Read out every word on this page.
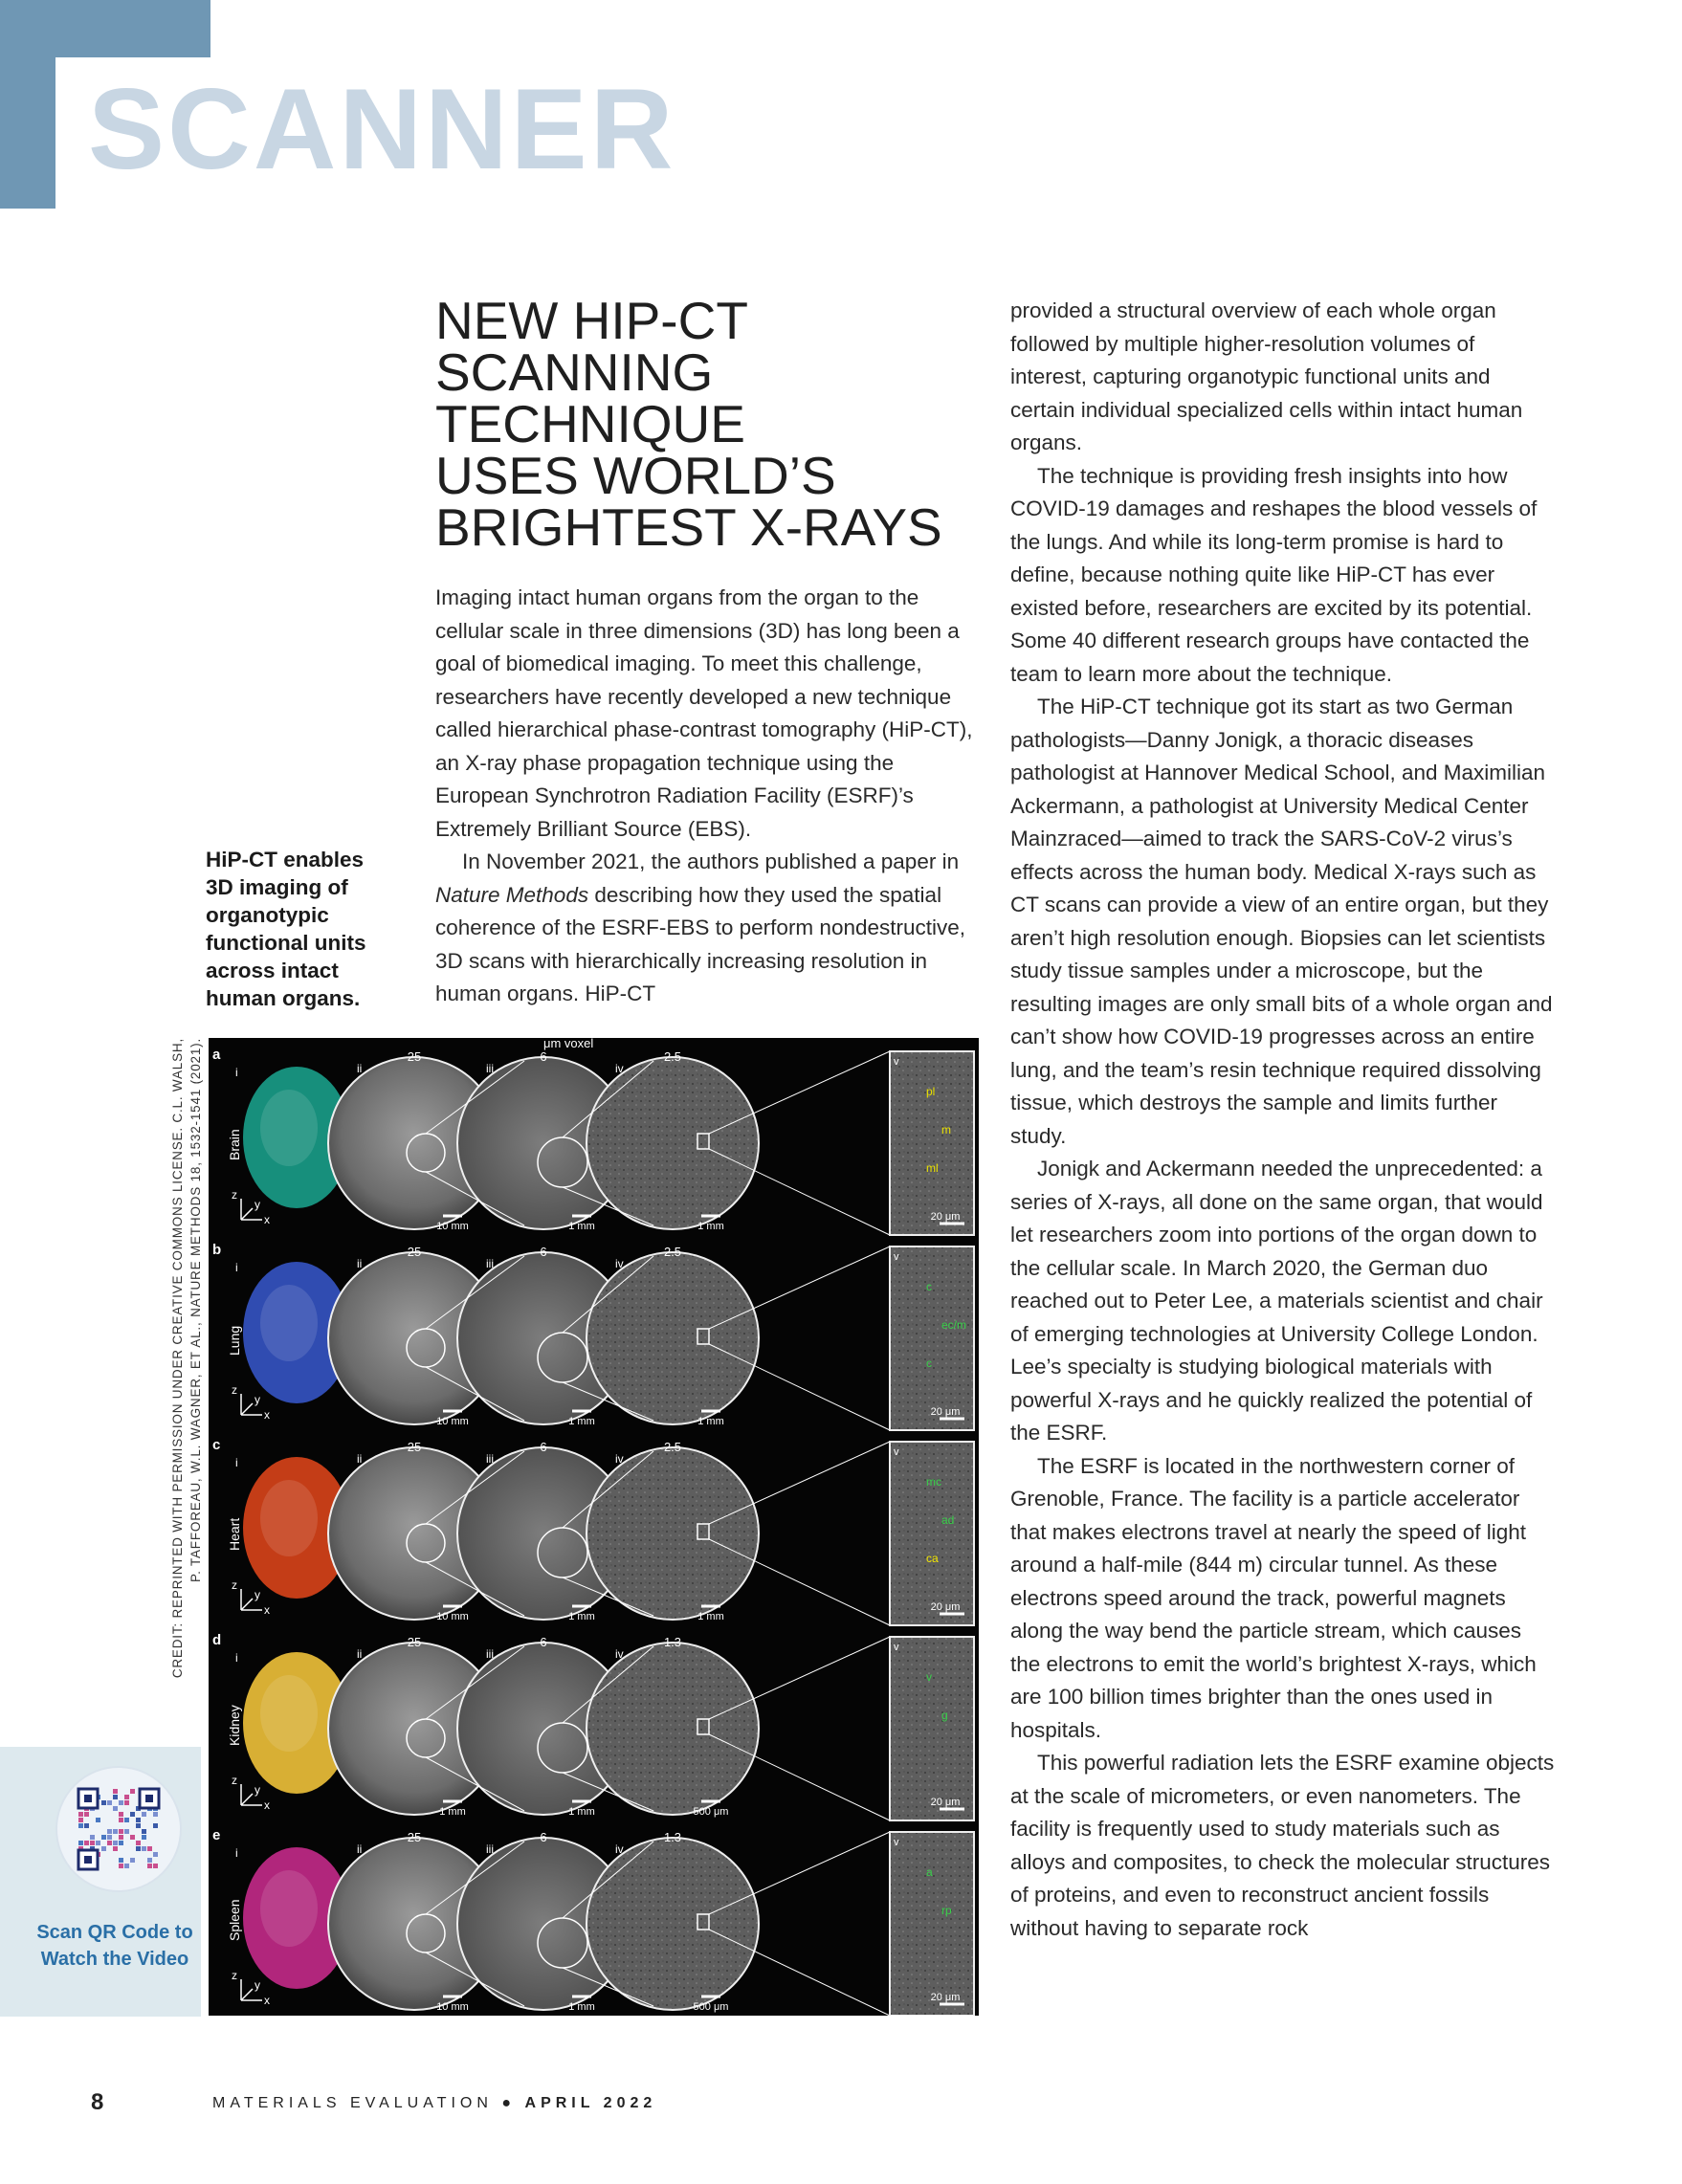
SCANNER
NEW HIP-CT
SCANNING
TECHNIQUE
USES WORLD’S
BRIGHTEST X-RAYS

Imaging intact human organs from the organ to the cellular scale in three dimensions (3D) has long been a goal of biomedical imaging. To meet this challenge, researchers have recently developed a new technique called hierarchical phase-contrast tomography (HiP-CT), an X-ray phase propagation technique using the European Synchrotron Radiation Facility (ESRF)’s Extremely Brilliant Source (EBS).

In November 2021, the authors published a paper in Nature Methods describing how they used the spatial coherence of the ESRF-EBS to perform nondestructive, 3D scans with hierarchically increasing resolution in human organs. HiP-CT

provided a structural overview of each whole organ followed by multiple higher-resolution volumes of interest, capturing organotypic functional units and certain individual specialized cells within intact human organs.

The technique is providing fresh insights into how COVID-19 damages and reshapes the blood vessels of the lungs. And while its long-term promise is hard to define, because nothing quite like HiP-CT has ever existed before, researchers are excited by its potential. Some 40 different research groups have contacted the team to learn more about the technique.

The HiP-CT technique got its start as two German pathologists—Danny Jonigk, a thoracic diseases pathologist at Hannover Medical School, and Maximilian Ackermann, a pathologist at University Medical Center Mainzraced—aimed to track the SARS-CoV-2 virus’s effects across the human body. Medical X-rays such as CT scans can provide a view of an entire organ, but they aren’t high resolution enough. Biopsies can let scientists study tissue samples under a microscope, but the resulting images are only small bits of a whole organ and can’t show how COVID-19 progresses across an entire lung, and the team’s resin technique required dissolving tissue, which destroys the sample and limits further study.

Jonigk and Ackermann needed the unprecedented: a series of X-rays, all done on the same organ, that would let researchers zoom into portions of the organ down to the cellular scale. In March 2020, the German duo reached out to Peter Lee, a materials scientist and chair of emerging technologies at University College London. Lee’s specialty is studying biological materials with powerful X-rays and he quickly realized the potential of the ESRF.

The ESRF is located in the northwestern corner of Grenoble, France. The facility is a particle accelerator that makes electrons travel at nearly the speed of light around a half-mile (844 m) circular tunnel. As these electrons speed around the track, powerful magnets along the way bend the particle stream, which causes the electrons to emit the world’s brightest X-rays, which are 100 billion times brighter than the ones used in hospitals.

This powerful radiation lets the ESRF examine objects at the scale of micrometers, or even nanometers. The facility is frequently used to study materials such as alloys and composites, to check the molecular structures of proteins, and even to reconstruct ancient fossils without having to separate rock

HiP-CT enables 3D imaging of organotypic functional units across intact human organs.

CREDIT: REPRINTED WITH PERMISSION UNDER CREATIVE COMMONS LICENSE. C.L. WALSH, P. TAFFOREAU, W.L. WAGNER, ET AL., NATURE METHODS 18, 1532-1541 (2021).	μm voxel
a
i
Brain
z
y
x
ii
25
10 mm
iii
6
1 mm
iv
2.5
1 mm
v
20 μm
pl
m
ml
b
i
Lung
z
y
x
ii
25
10 mm
iii
6
1 mm
iv
2.5
1 mm
v
20 μm
c
ec/m
c
c
i
Heart
z
y
x
ii
25
10 mm
iii
6
1 mm
iv
2.5
1 mm
v
20 μm
mc
ad
ca
d
i
Kidney
z
y
x
ii
25
1 mm
iii
6
1 mm
iv
1.3
500 μm
v
20 μm
v
g
e
i
Spleen
z
y
x
ii
25
10 mm
iii
6
1 mm
iv
1.3
500 μm
v
20 μm
a
rp

Scan QR Code to Watch the Video

8	MATERIALS EVALUATION ● APRIL 2022
